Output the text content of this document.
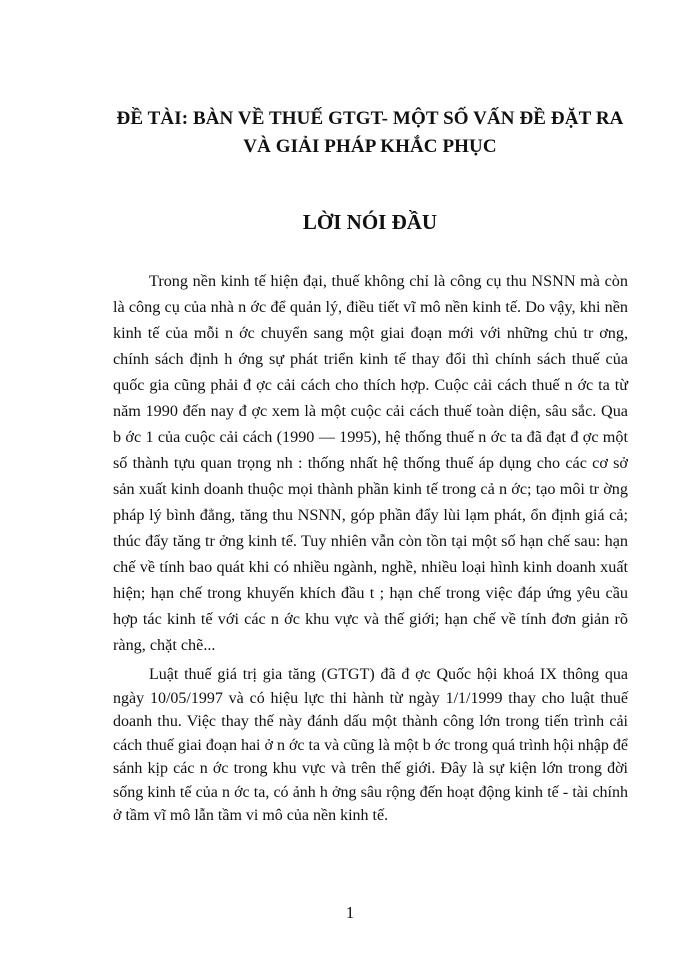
ĐỀ TÀI: BÀN VỀ THUẾ GTGT- MỘT SỐ VẤN ĐỀ ĐẶT RA
VÀ GIẢI PHÁP KHẮC PHỤC
LỜI NÓI ĐẦU

Trong nền kinh tế hiện đại, thuế không chỉ là công cụ thu NSNN mà còn là công cụ của nhà n ớc để quản lý, điều tiết vĩ mô nền kinh tế. Do vậy, khi nền kinh tế của mỗi n ớc chuyển sang một giai đoạn mới với những chủ tr ơng, chính sách định h ớng sự phát triển kinh tế thay đổi thì chính sách thuế của quốc gia cũng phải đ ợc cải cách cho thích hợp. Cuộc cải cách thuế n ớc ta từ năm 1990 đến nay đ ợc xem là một cuộc cải cách thuế toàn diện, sâu sắc. Qua b ớc 1 của cuộc cải cách (1990 — 1995), hệ thống thuế n ớc ta đã đạt đ ợc một số thành tựu quan trọng nh : thống nhất hệ thống thuế áp dụng cho các cơ sở sản xuất kinh doanh thuộc mọi thành phần kinh tế trong cả n ớc; tạo môi tr ờng pháp lý bình đẳng, tăng thu NSNN, góp phần đẩy lùi lạm phát, ổn định giá cả; thúc đẩy tăng tr ởng kinh tế. Tuy nhiên vẫn còn tồn tại một số hạn chế sau: hạn chế về tính bao quát khi có nhiều ngành, nghề, nhiều loại hình kinh doanh xuất hiện; hạn chế trong khuyến khích đầu t ; hạn chế trong việc đáp ứng yêu cầu hợp tác kinh tế với các n ớc khu vực và thế giới; hạn chế về tính đơn giản rõ ràng, chặt chẽ...

Luật thuế giá trị gia tăng (GTGT) đã đ ợc Quốc hội khoá IX thông qua ngày 10/05/1997 và có hiệu lực thi hành từ ngày 1/1/1999 thay cho luật thuế doanh thu. Việc thay thế này đánh dấu một thành công lớn trong tiến trình cải cách thuế giai đoạn hai ở n ớc ta và cũng là một b ớc trong quá trình hội nhập để sánh kịp các n ớc trong khu vực và trên thế giới. Đây là sự kiện lớn trong đời sống kinh tế của n ớc ta, có ảnh h ởng sâu rộng đến hoạt động kinh tế - tài chính ở tầm vĩ mô lẫn tầm vi mô của nền kinh tế.

1
